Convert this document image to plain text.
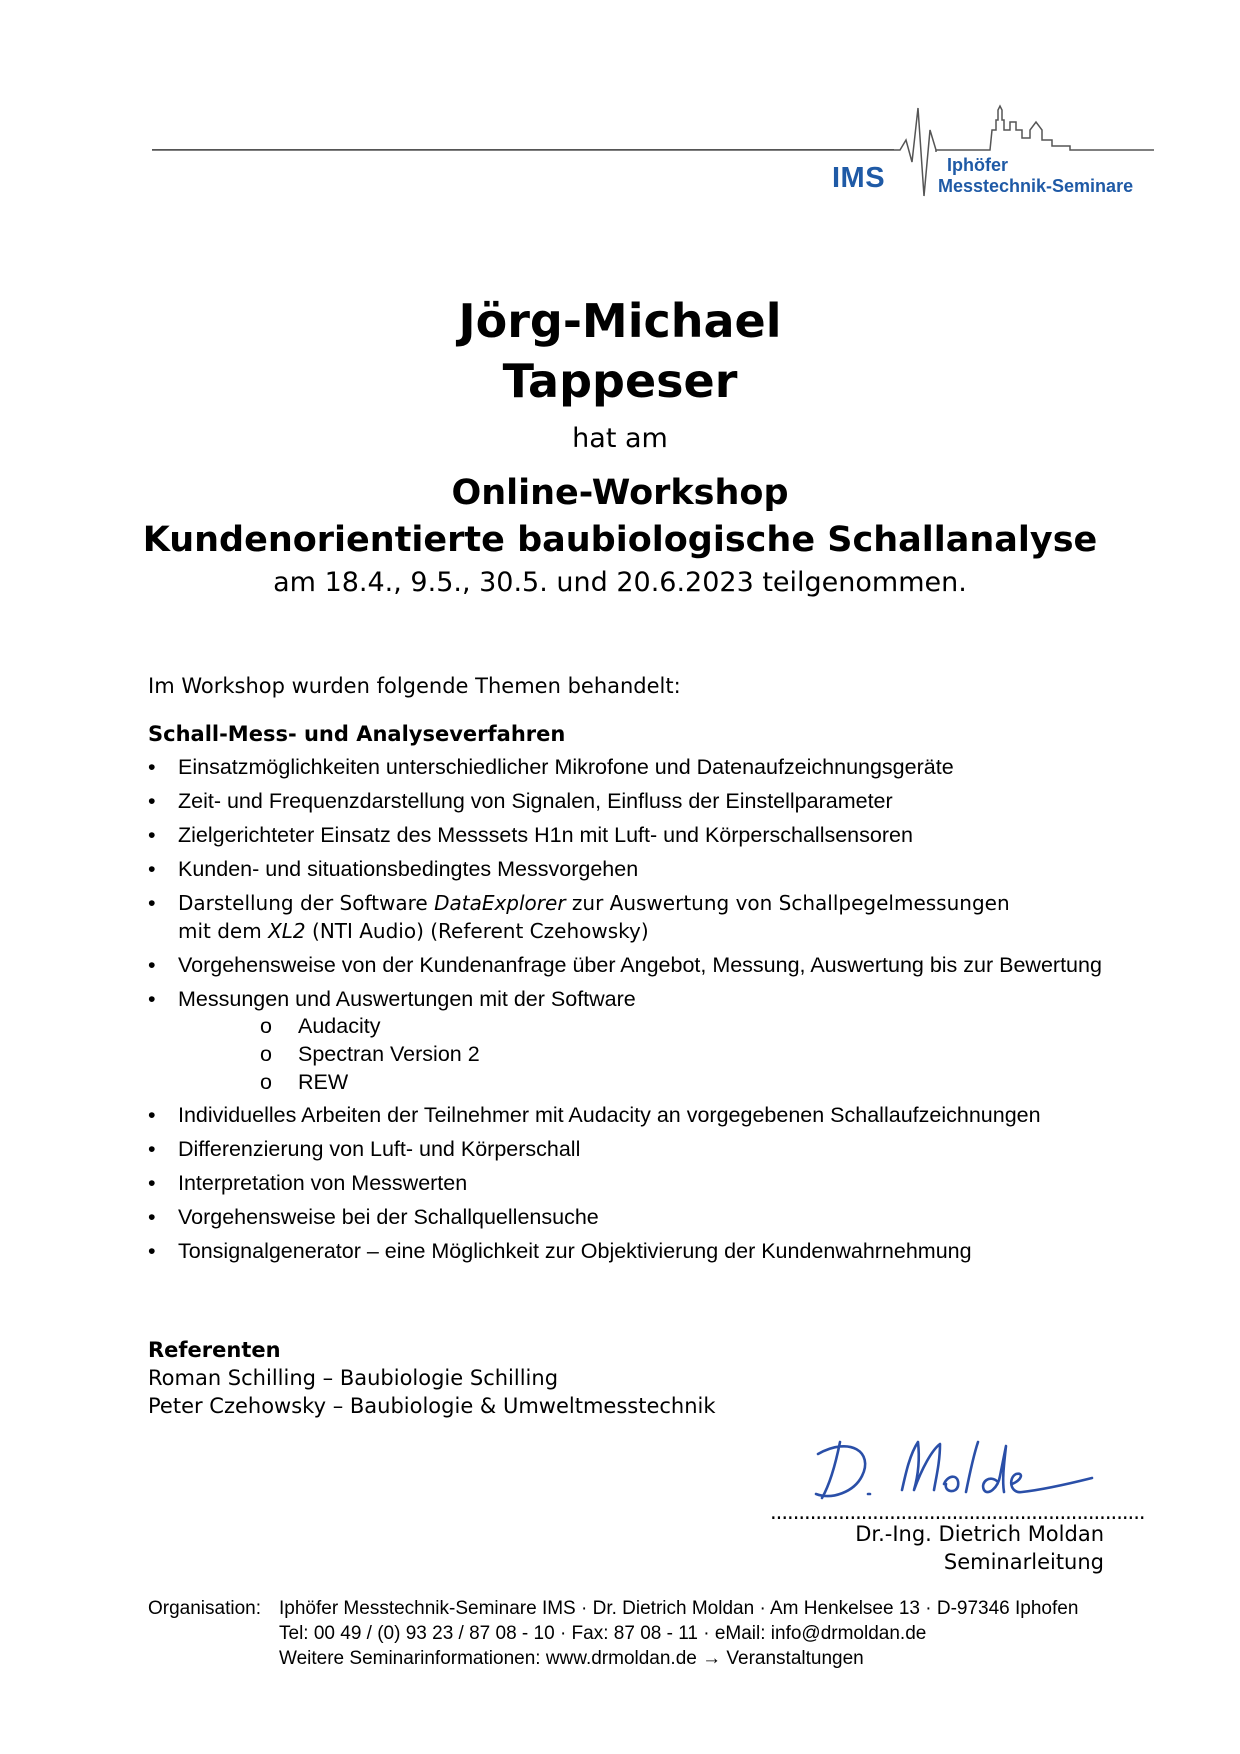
IMS	Iphöfer
Messtechnik-Seminare
Jörg-Michael
Tappeser
hat am
Online-Workshop
Kundenorientierte baubiologische Schallanalyse
am 18.4., 9.5., 30.5. und 20.6.2023 teilgenommen.
Im Workshop wurden folgende Themen behandelt:
Schall-Mess- und Analyseverfahren
•	Einsatzmöglichkeiten unterschiedlicher Mikrofone und Datenaufzeichnungsgeräte
•	Zeit- und Frequenzdarstellung von Signalen, Einfluss der Einstellparameter
•	Zielgerichteter Einsatz des Messsets H1n mit Luft- und Körperschallsensoren
•	Kunden- und situationsbedingtes Messvorgehen
•	Darstellung der Software DataExplorer zur Auswertung von Schallpegelmessungen
mit dem XL2 (NTI Audio) (Referent Czehowsky)
•	Vorgehensweise von der Kundenanfrage über Angebot, Messung, Auswertung bis zur Bewertung
•	Messungen und Auswertungen mit der Software
o Audacity
o Spectran Version 2
o REW
•	Individuelles Arbeiten der Teilnehmer mit Audacity an vorgegebenen Schallaufzeichnungen
•	Differenzierung von Luft- und Körperschall
•	Interpretation von Messwerten
•	Vorgehensweise bei der Schallquellensuche
•	Tonsignalgenerator – eine Möglichkeit zur Objektivierung der Kundenwahrnehmung
Referenten
Roman Schilling – Baubiologie Schilling
Peter Czehowsky – Baubiologie & Umweltmesstechnik
..................................................................
Dr.-Ing. Dietrich Moldan
Seminarleitung
Organisation: Iphöfer Messtechnik-Seminare IMS · Dr. Dietrich Moldan · Am Henkelsee 13 · D-97346 Iphofen
Tel: 00 49 / (0) 93 23 / 87 08 - 10 · Fax: 87 08 - 11 · eMail: info@drmoldan.de
Weitere Seminarinformationen: www.drmoldan.de → Veranstaltungen
